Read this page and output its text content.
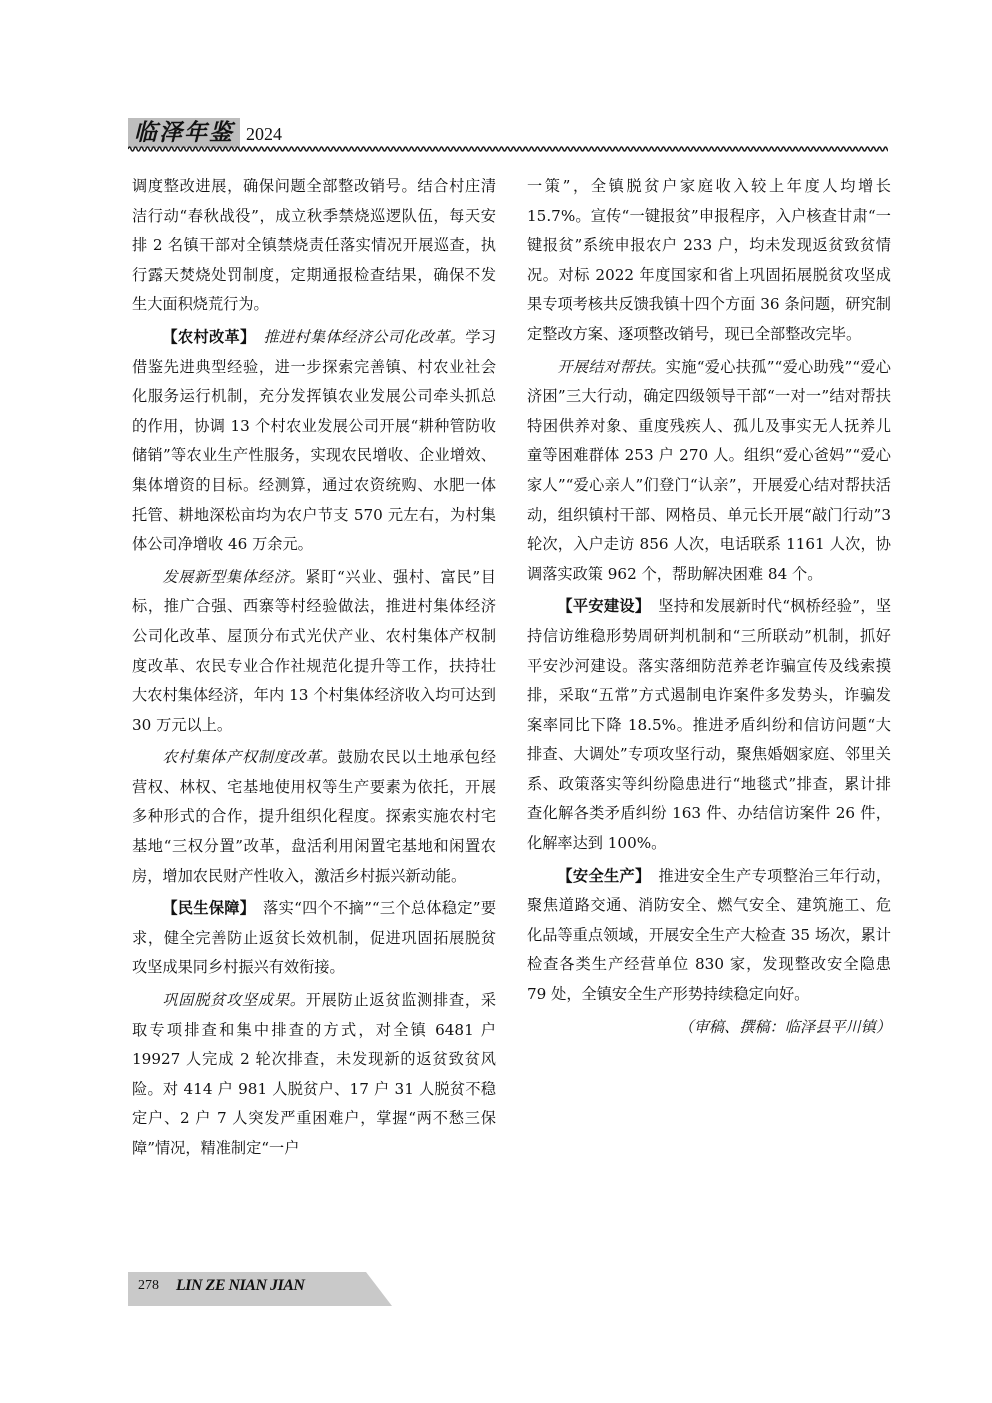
临泽年鉴 2024

调度整改进展，确保问题全部整改销号。结合村庄清洁行动“春秋战役”，成立秋季禁烧巡逻队伍，每天安排 2 名镇干部对全镇禁烧责任落实情况开展巡查，执行露天焚烧处罚制度，定期通报检查结果，确保不发生大面积烧荒行为。

【农村改革】　 推进村集体经济公司化改革。学习借鉴先进典型经验，进一步探索完善镇、村农业社会化服务运行机制，充分发挥镇农业发展公司牵头抓总的作用，协调 13 个村农业发展公司开展“耕种管防收储销”等农业生产性服务，实现农民增收、企业增效、集体增资的目标。经测算，通过农资统购、水肥一体托管、耕地深松亩均为农户节支 570 元左右，为村集体公司净增收 46 万余元。

发展新型集体经济。紧盯“兴业、强村、富民”目标，推广合强、西寨等村经验做法，推进村集体经济公司化改革、屋顶分布式光伏产业、农村集体产权制度改革、农民专业合作社规范化提升等工作，扶持壮大农村集体经济，年内 13 个村集体经济收入均可达到 30 万元以上。

农村集体产权制度改革。鼓励农民以土地承包经营权、林权、宅基地使用权等生产要素为依托，开展多种形式的合作，提升组织化程度。探索实施农村宅基地“三权分置”改革，盘活利用闲置宅基地和闲置农房，增加农民财产性收入，激活乡村振兴新动能。

【民生保障】　 落实“四个不摘”“三个总体稳定”要求，健全完善防止返贫长效机制，促进巩固拓展脱贫攻坚成果同乡村振兴有效衔接。

巩固脱贫攻坚成果。开展防止返贫监测排查，采取专项排查和集中排查的方式，对全镇 6481 户 19927 人完成 2 轮次排查，未发现新的返贫致贫风险。对 414 户 981 人脱贫户、17 户 31 人脱贫不稳定户、2 户 7 人突发严重困难户，掌握“两不愁三保障”情况，精准制定“一户

一策”，全镇脱贫户家庭收入较上年度人均增长 15.7%。宣传“一键报贫”申报程序，入户核查甘肃“一键报贫”系统申报农户 233 户，均未发现返贫致贫情况。对标 2022 年度国家和省上巩固拓展脱贫攻坚成果专项考核共反馈我镇十四个方面 36 条问题，研究制定整改方案、逐项整改销号，现已全部整改完毕。

开展结对帮扶。实施“爱心扶孤”“爱心助残”“爱心济困”三大行动，确定四级领导干部“一对一”结对帮扶特困供养对象、重度残疾人、孤儿及事实无人抚养儿童等困难群体 253 户 270 人。组织“爱心爸妈”“爱心家人”“爱心亲人”们登门“认亲”，开展爱心结对帮扶活动，组织镇村干部、网格员、单元长开展“敲门行动”3 轮次，入户走访 856 人次，电话联系 1161 人次，协调落实政策 962 个，帮助解决困难 84 个。

【平安建设】　 坚持和发展新时代“枫桥经验”，坚持信访维稳形势周研判机制和“三所联动”机制，抓好平安沙河建设。落实落细防范养老诈骗宣传及线索摸排，采取“五常”方式遏制电诈案件多发势头，诈骗发案率同比下降 18.5%。推进矛盾纠纷和信访问题“大排查、大调处”专项攻坚行动，聚焦婚姻家庭、邻里关系、政策落实等纠纷隐患进行“地毯式”排查，累计排查化解各类矛盾纠纷 163 件、办结信访案件 26 件，化解率达到 100%。

【安全生产】　 推进安全生产专项整治三年行动，聚焦道路交通、消防安全、燃气安全、建筑施工、危化品等重点领域，开展安全生产大检查 35 场次，累计检查各类生产经营单位 830 家，发现整改安全隐患 79 处，全镇安全生产形势持续稳定向好。

（审稿、撰稿：临泽县平川镇）

278 LIN ZE NIAN JIAN
